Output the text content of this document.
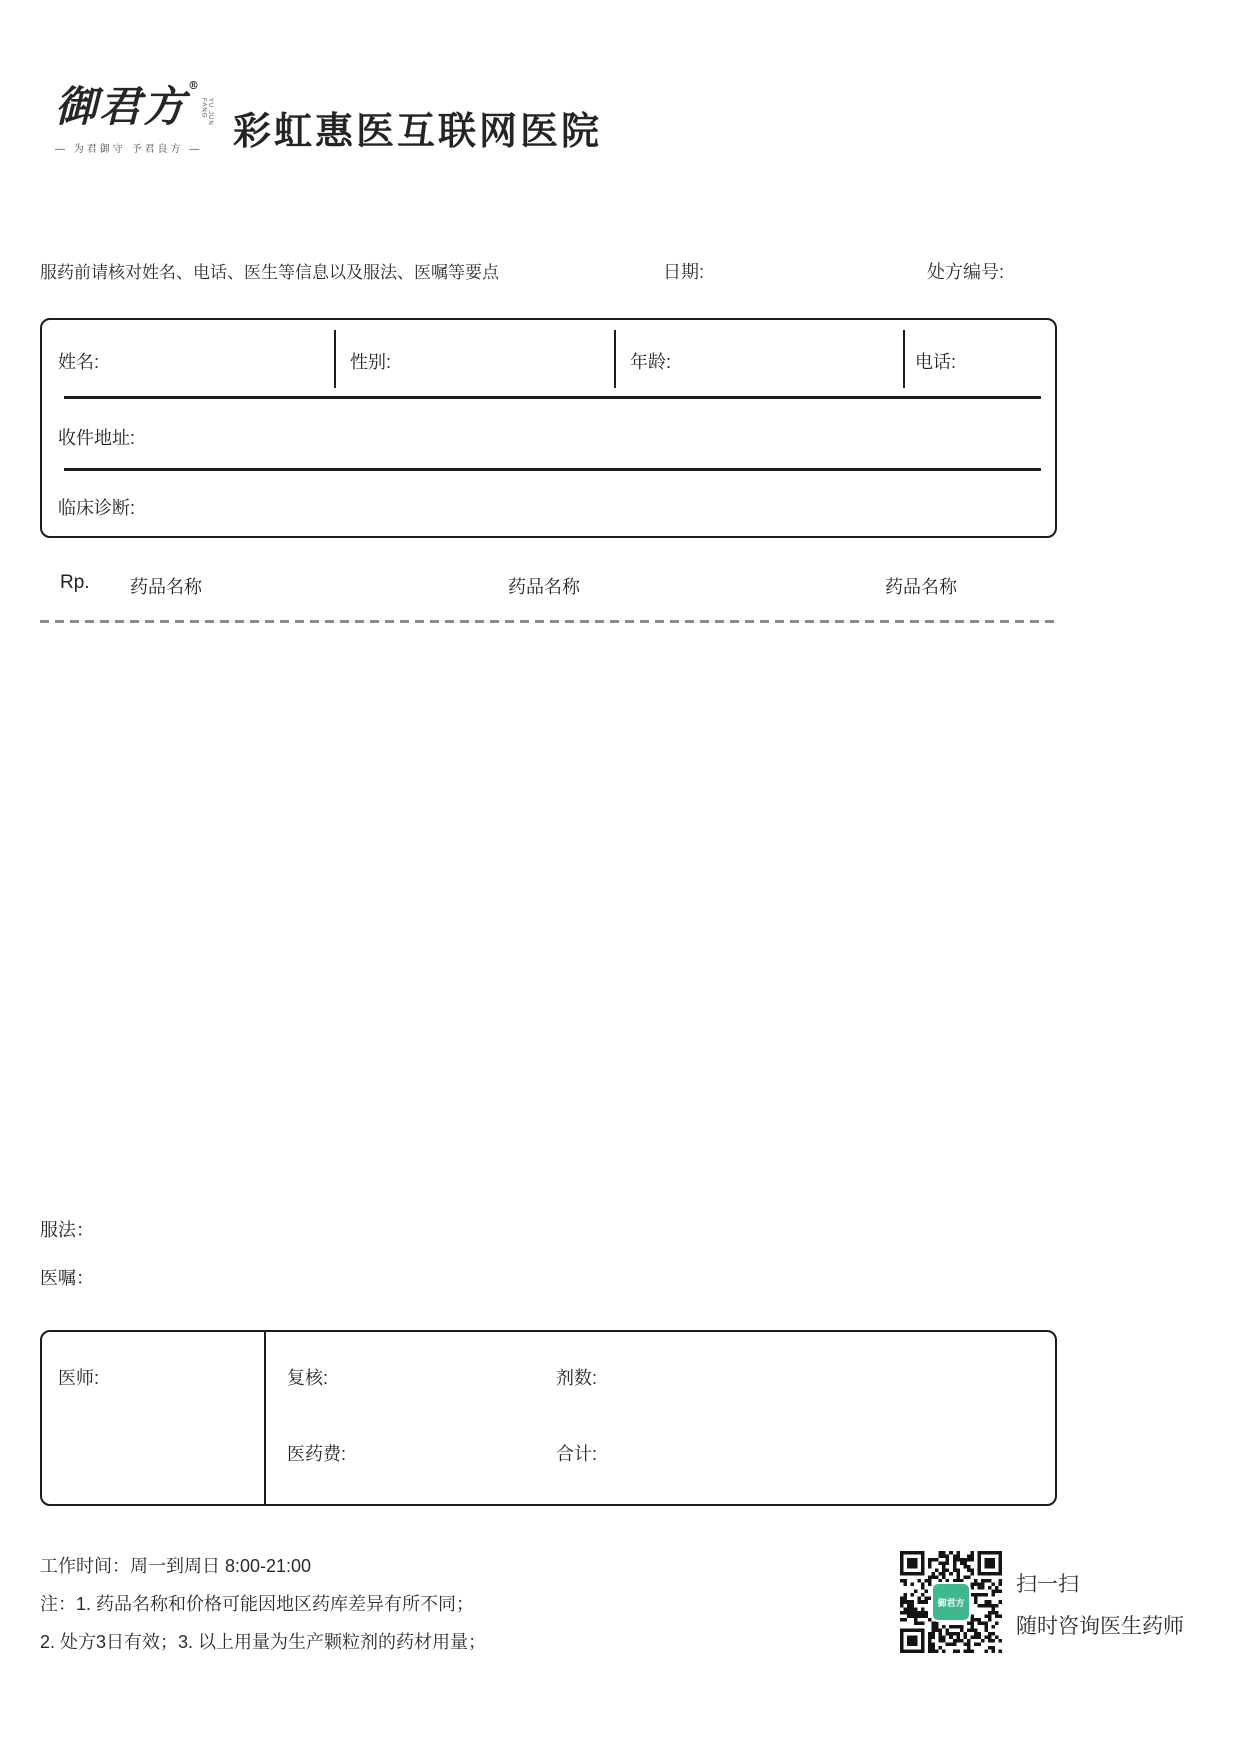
御君方 ®
YU JUN FANG
— 为君御守 予君良方 — 彩虹惠医互联网医院
服药前请核对姓名、电话、医生等信息以及服法、医嘱等要点	日期:	处方编号:
姓名:	性别:	年龄:	电话:
收件地址:
临床诊断:
Rp. 药品名称	药品名称	药品名称
服法：
医嘱：
医师:	复核:	剂数:
医药费:	合计:
工作时间：周一到周日 8:00-21:00
注：1. 药品名称和价格可能因地区药库差异有所不同；
2. 处方3日有效；3. 以上用量为生产颗粒剂的药材用量；
御君方
扫一扫
随时咨询医生药师
